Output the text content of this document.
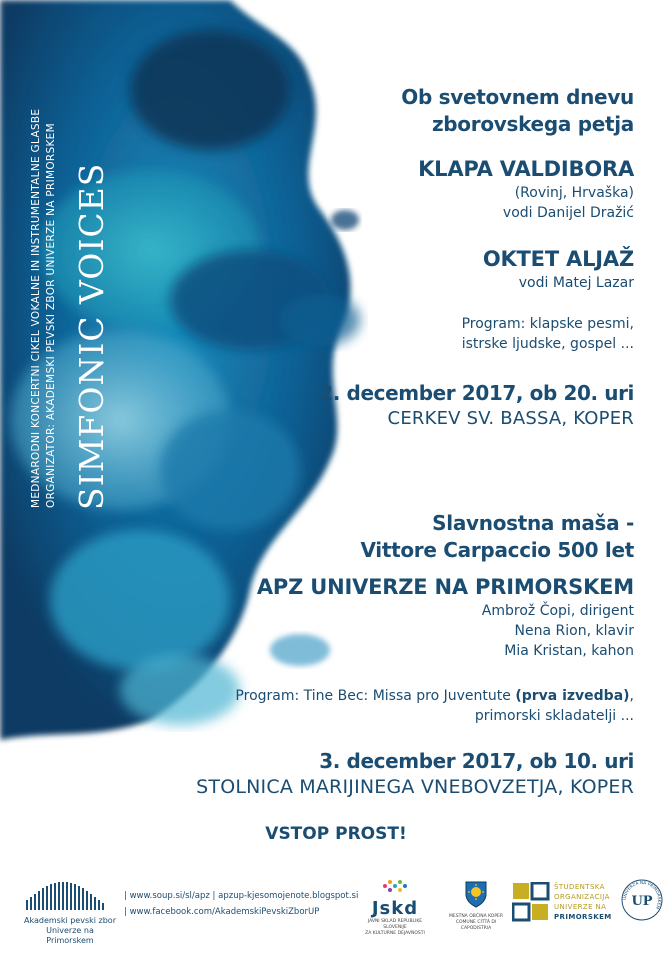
MEDNARODNI KONCERTNI CIKEL VOKALNE IN INSTRUMENTALNE GLASBE ORGANIZATOR: AKADEMSKI PEVSKI ZBOR UNIVERZE NA PRIMORSKEM SIMFONIC VOICES
Ob svetovnem dnevu
zborovskega petja
KLAPA VALDIBORA
(Rovinj, Hrvaška)
vodi Danijel Dražić
OKTET ALJAŽ
vodi Matej Lazar
Program: klapske pesmi,
istrske ljudske, gospel ...
2. december 2017, ob 20. uri
CERKEV SV. BASSA, KOPER
Slavnostna maša -
Vittore Carpaccio 500 let
APZ UNIVERZE NA PRIMORSKEM
Ambrož Čopi, dirigent
Nena Rion, klavir
Mia Kristan, kahon
Program: Tine Bec: Missa pro Juventute (prva izvedba),
primorski skladatelji ...
3. december 2017, ob 10. uri
STOLNICA MARIJINEGA VNEBOVZETJA, KOPER
VSTOP PROST!
Akademski pevski zbor
Univerze na Primorskem
| www.soup.si/sl/apz | apzup-kjesomojenote.blogspot.si
| www.facebook.com/AkademskiPevskiZborUP	Jskd
JAVNI SKLAD REPUBLIKE SLOVENIJE
ZA KULTURNE DEJAVNOSTI
MESTNA OBČINA KOPER
COMUNE CITTÀ DI CAPODISTRIA
ŠTUDENTSKA
ORGANIZACIJA
UNIVERZE NA
PRIMORSKEM
UNIVERZA NA PRIMORSKEM
UP
